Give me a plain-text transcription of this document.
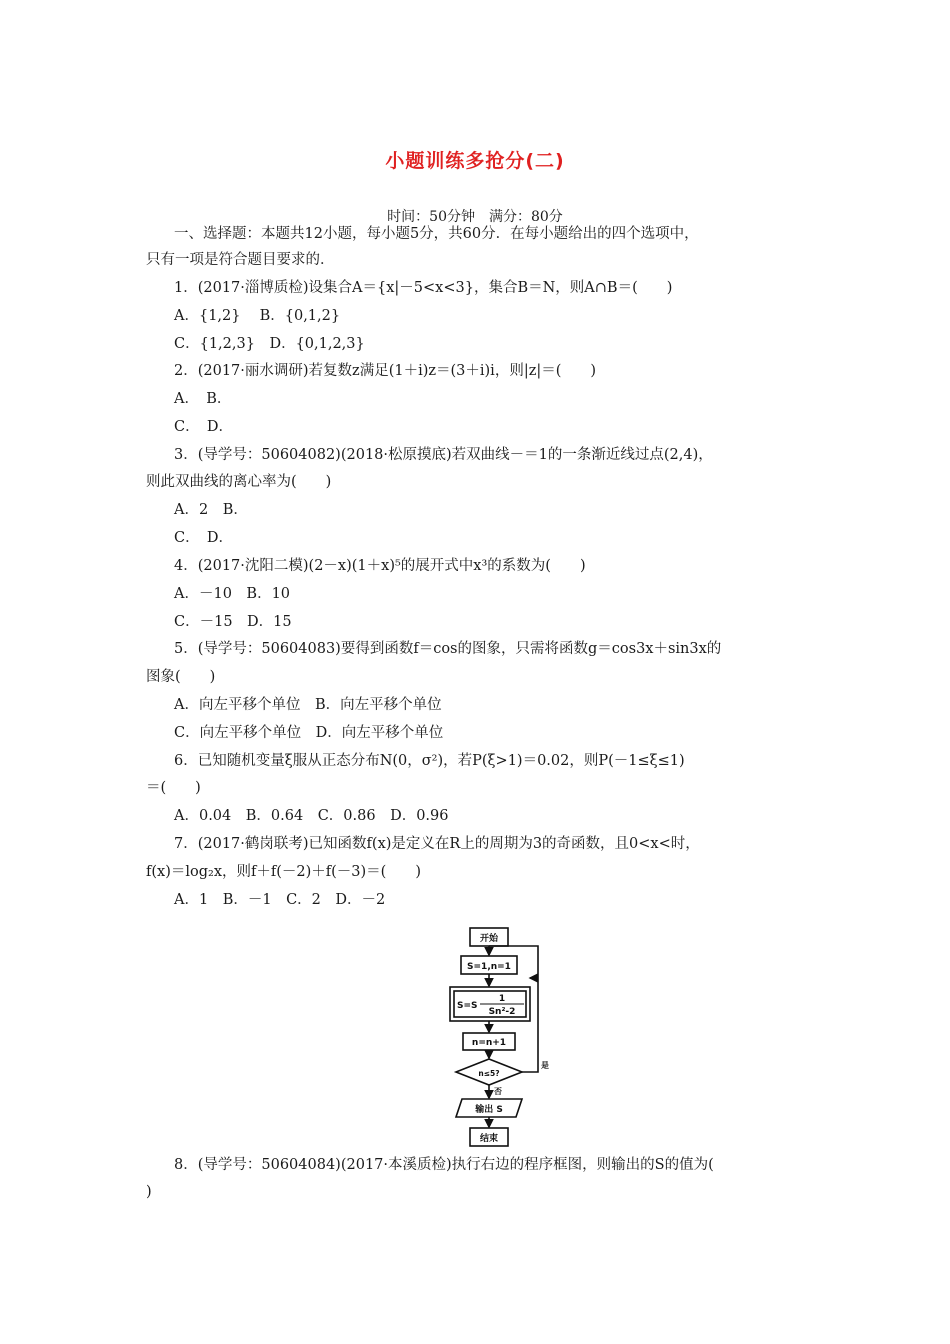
小题训练多抢分(二)
时间：50分钟　满分：80分
一、选择题：本题共12小题，每小题5分，共60分．在每小题给出的四个选项中，
只有一项是符合题目要求的．
1．(2017·淄博质检)设集合A＝{x|－5<x<3}，集合B＝N，则A∩B＝(　　)
A．{1,2}　 B．{0,1,2}
C．{1,2,3}　D．{0,1,2,3}
2．(2017·丽水调研)若复数z满足(1＋i)z＝(3＋i)i，则|z|＝(　　)
A．　B．
C．　D．
3．(导学号：50604082)(2018·松原摸底)若双曲线－＝1的一条渐近线过点(2,4)，
则此双曲线的离心率为(　　)
A．2　B．
C．　D．
4．(2017·沈阳二模)(2－x)(1＋x)⁵的展开式中x³的系数为(　　)
A．－10　B．10
C．－15　D．15
5．(导学号：50604083)要得到函数f＝cos的图象，只需将函数g＝cos3x＋sin3x的
图象(　　)
A．向左平移个单位　B．向左平移个单位
C．向左平移个单位　D．向左平移个单位
6．已知随机变量ξ服从正态分布N(0，σ²)，若P(ξ>1)＝0.02，则P(－1≤ξ≤1)
＝(　　)
A．0.04　B．0.64　C．0.86　D．0.96
7．(2017·鹤岗联考)已知函数f(x)是定义在R上的周期为3的奇函数，且0<x<时，
f(x)＝log₂x，则f＋f(－2)＋f(－3)＝(　　)
A．1　B．－1　C．2　D．－2
开始
S=1,n=1
S=S
1
Sn²-2
n=n+1
n≤5?
是
否
输出 S
结束
8．(导学号：50604084)(2017·本溪质检)执行右边的程序框图，则输出的S的值为(
)
